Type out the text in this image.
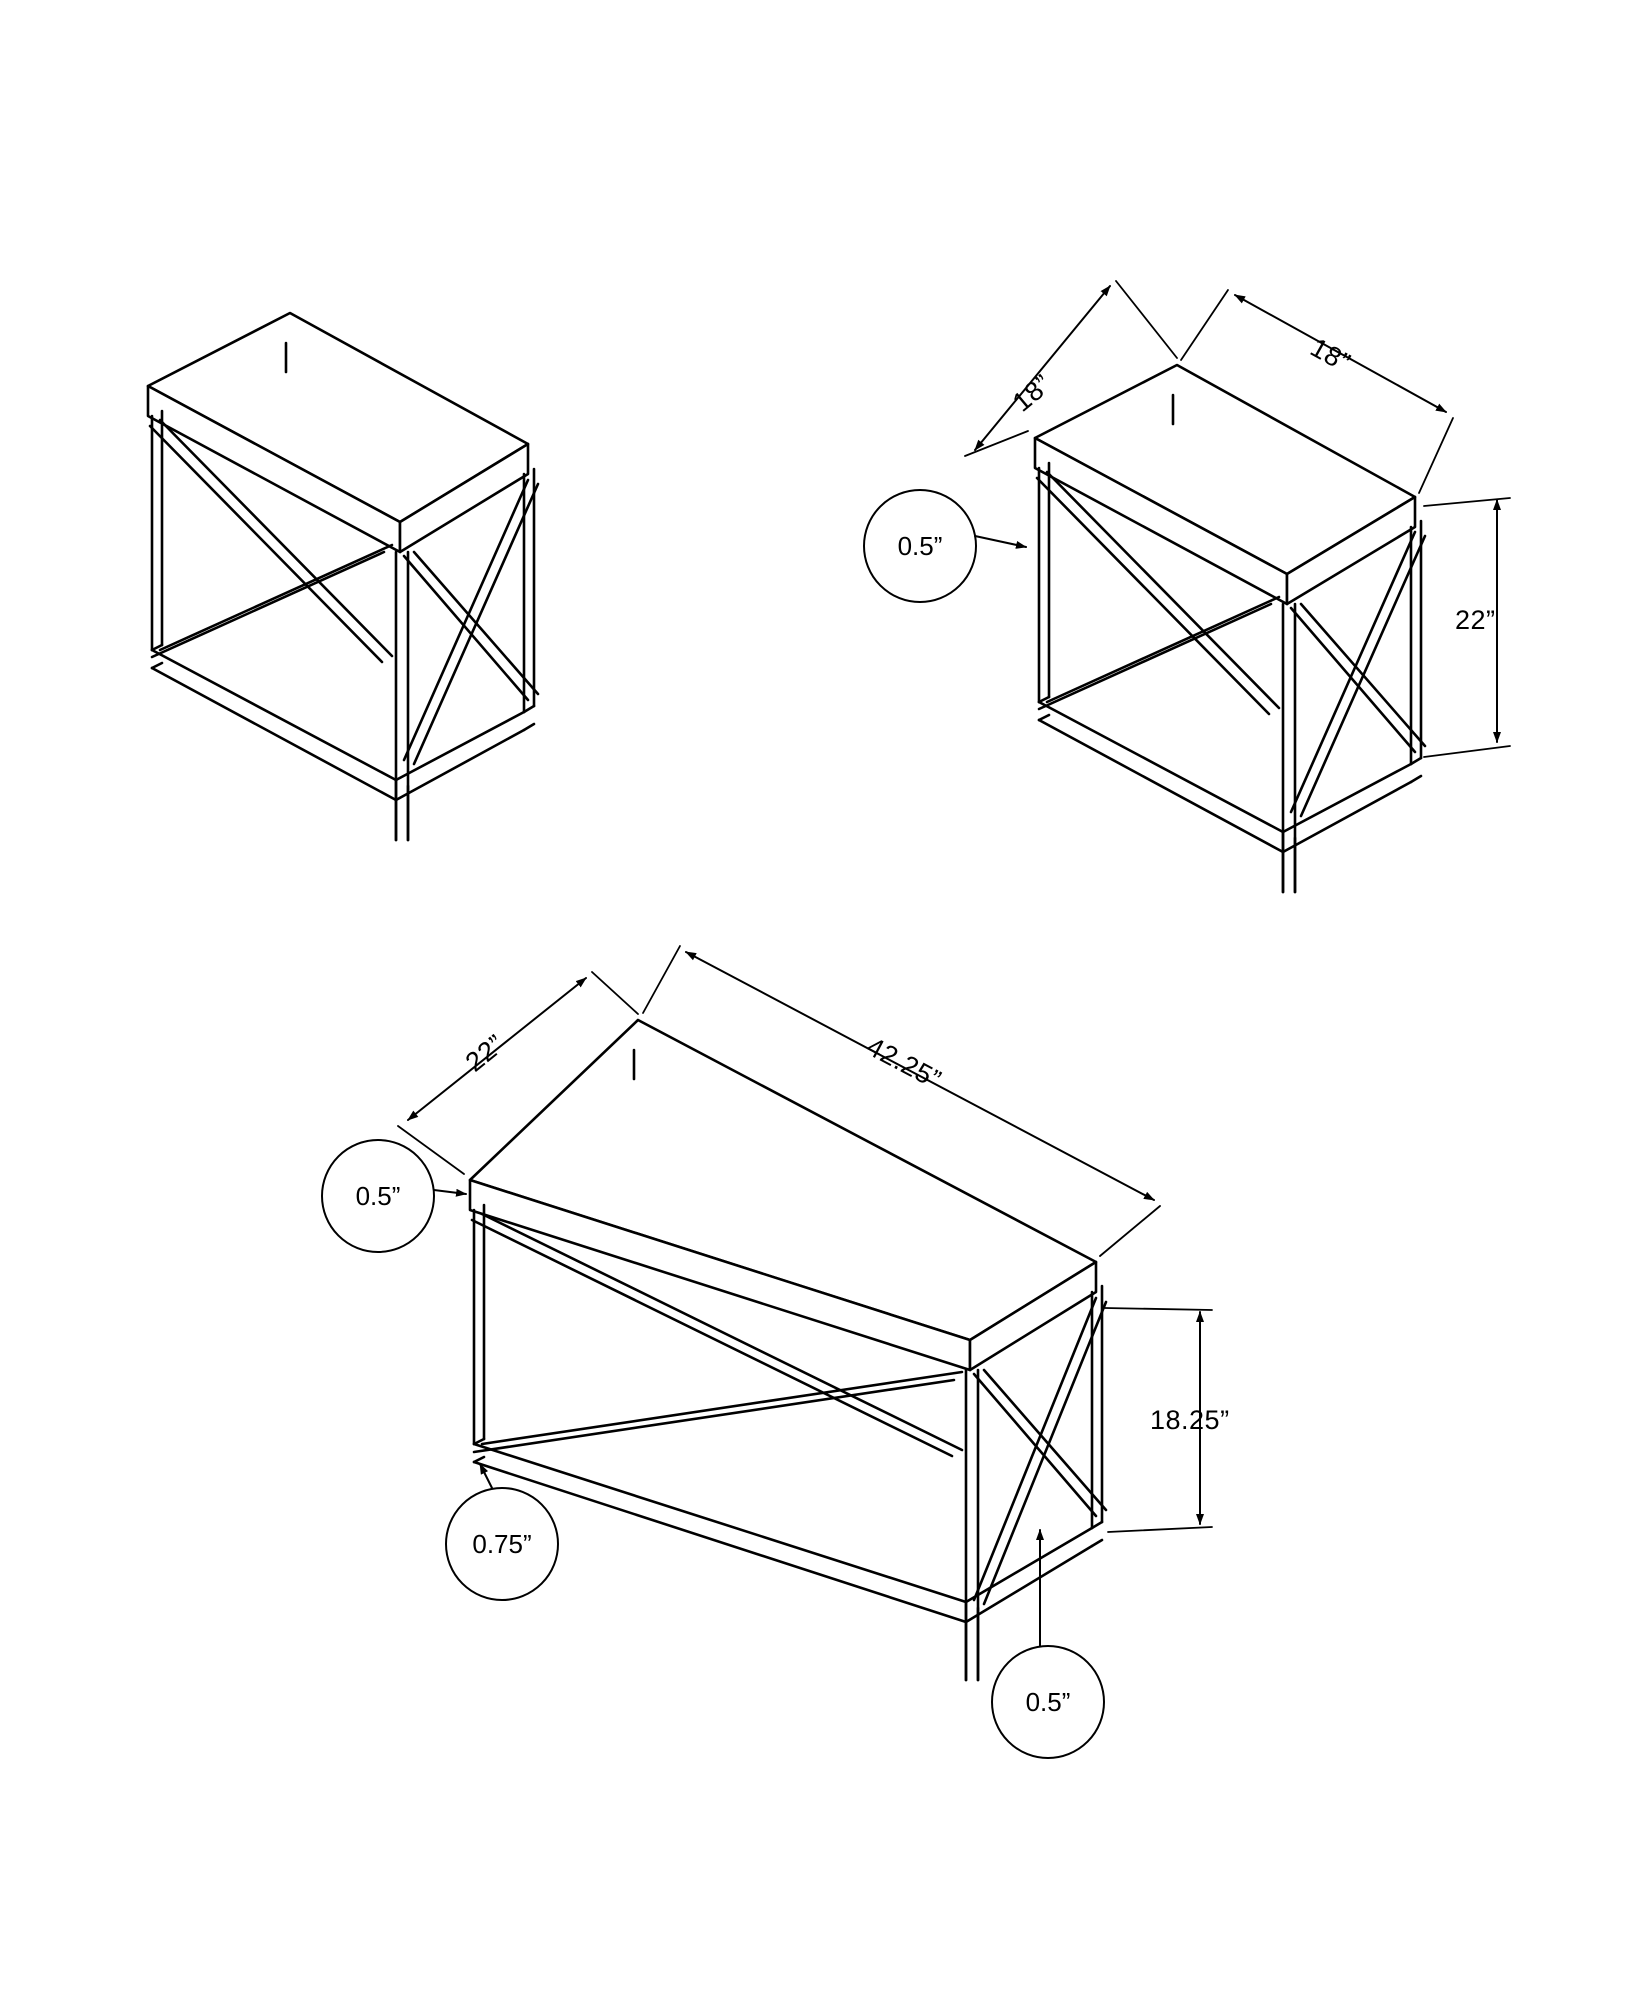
18”
18”
22”
0.5”
22”	42.25”
18.25”
0.5”
0.75”
0.5”
